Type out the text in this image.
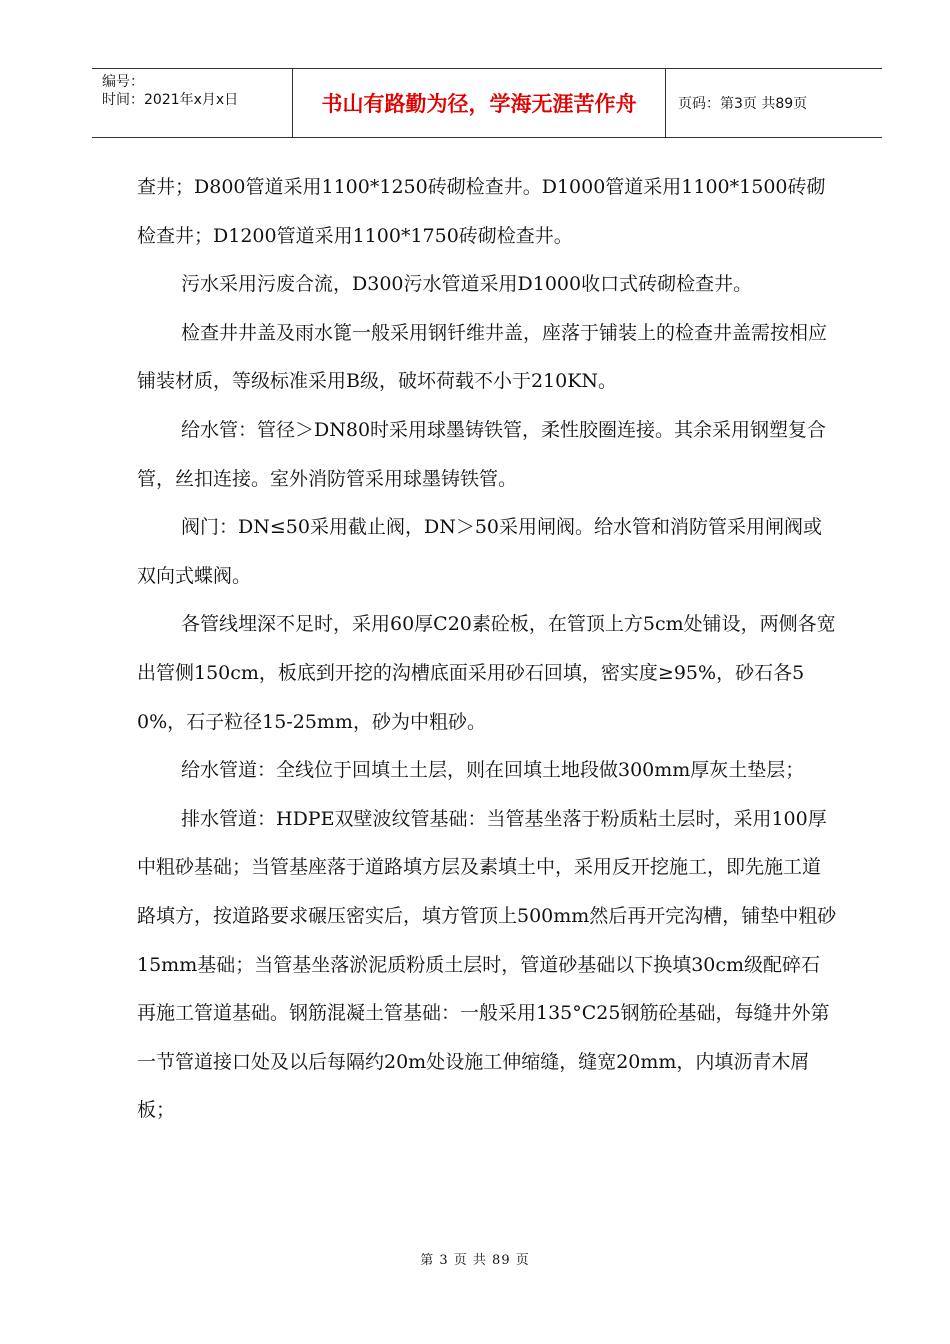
编号：
时间：2021年x月x日	书山有路勤为径，学海无涯苦作舟	页码：第3页 共89页

查井；D800管道采用1100*1250砖砌检查井。D1000管道采用1100*1500砖砌检查井；D1200管道采用1100*1750砖砌检查井。

污水采用污废合流，D300污水管道采用D1000收口式砖砌检查井。

检查井井盖及雨水篦一般采用钢钎维井盖，座落于铺装上的检查井盖需按相应铺装材质，等级标准采用B级，破坏荷载不小于210KN。

给水管：管径＞DN80时采用球墨铸铁管，柔性胶圈连接。其余采用钢塑复合管，丝扣连接。室外消防管采用球墨铸铁管。

阀门：DN≤50采用截止阀，DN＞50采用闸阀。给水管和消防管采用闸阀或双向式蝶阀。

各管线埋深不足时，采用60厚C20素砼板，在管顶上方5cm处铺设，两侧各宽出管侧150cm，板底到开挖的沟槽底面采用砂石回填，密实度≥95%，砂石各50%，石子粒径15-25mm，砂为中粗砂。

给水管道：全线位于回填土土层，则在回填土地段做300mm厚灰土垫层；

排水管道：HDPE双壁波纹管基础：当管基坐落于粉质粘土层时，采用100厚中粗砂基础；当管基座落于道路填方层及素填土中，采用反开挖施工，即先施工道路填方，按道路要求碾压密实后，填方管顶上500mm然后再开完沟槽，铺垫中粗砂15mm基础；当管基坐落淤泥质粉质土层时，管道砂基础以下换填30cm级配碎石再施工管道基础。钢筋混凝土管基础：一般采用135°C25钢筋砼基础，每缝井外第一节管道接口处及以后每隔约20m处设施工伸缩缝，缝宽20mm，内填沥青木屑板；

第 3 页 共 89 页
